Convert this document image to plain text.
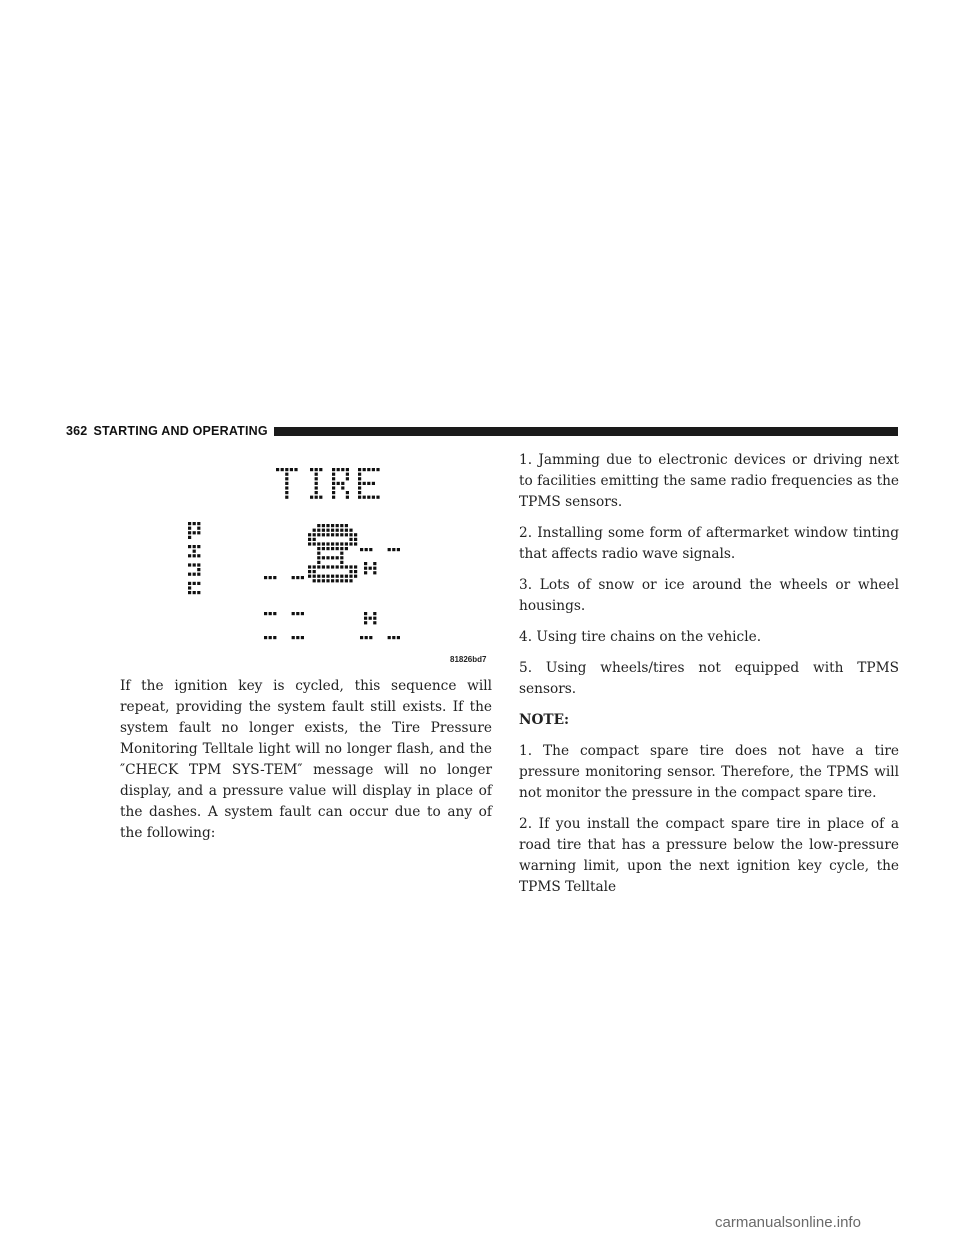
362 STARTING AND OPERATING
81826bd7

If the ignition key is cycled, this sequence will repeat, providing the system fault still exists. If the system fault no longer exists, the Tire Pressure Monitoring Telltale light will no longer flash, and the ″CHECK TPM SYS-TEM″ message will no longer display, and a pressure value will display in place of the dashes. A system fault can occur due to any of the following:

1. Jamming due to electronic devices or driving next to facilities emitting the same radio frequencies as the TPMS sensors.

2. Installing some form of aftermarket window tinting that affects radio wave signals.

3. Lots of snow or ice around the wheels or wheel housings.

4. Using tire chains on the vehicle.

5. Using wheels/tires not equipped with TPMS sensors.

NOTE:

1. The compact spare tire does not have a tire pressure monitoring sensor. Therefore, the TPMS will not monitor the pressure in the compact spare tire.

2. If you install the compact spare tire in place of a road tire that has a pressure below the low-pressure warning limit, upon the next ignition key cycle, the TPMS Telltale

carmanualsonline.info
